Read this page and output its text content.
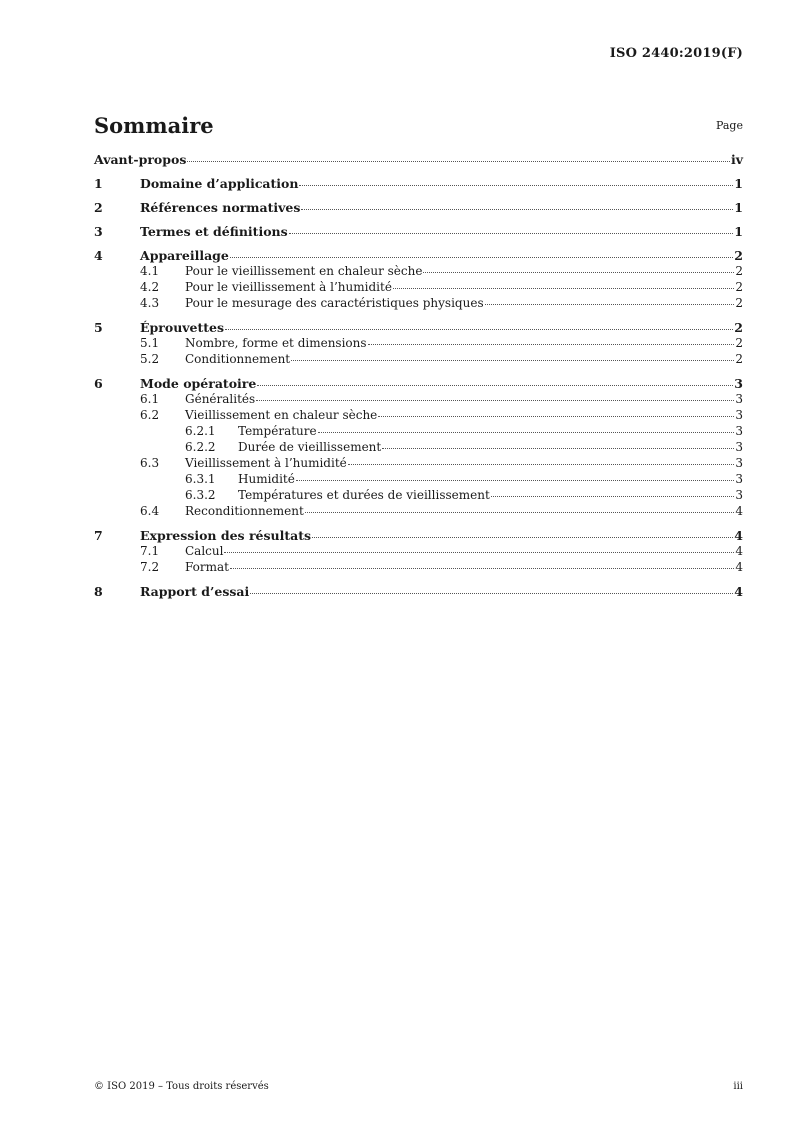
ISO 2440:2019(F)
Sommaire	Page
Avant-propos	iv
1	Domaine d’application	1
2	Références normatives	1
3	Termes et définitions	1
4	Appareillage	2
4.1	Pour le vieillissement en chaleur sèche	2
4.2	Pour le vieillissement à l’humidité	2
4.3	Pour le mesurage des caractéristiques physiques	2
5	Éprouvettes	2
5.1	Nombre, forme et dimensions	2
5.2	Conditionnement	2
6	Mode opératoire	3
6.1	Généralités	3
6.2	Vieillissement en chaleur sèche	3
6.2.1	Température	3
6.2.2	Durée de vieillissement	3
6.3	Vieillissement à l’humidité	3
6.3.1	Humidité	3
6.3.2	Températures et durées de vieillissement	3
6.4	Reconditionnement	4
7	Expression des résultats	4
7.1	Calcul	4
7.2	Format	4
8	Rapport d’essai	4
© ISO 2019 – Tous droits réservés	iii
